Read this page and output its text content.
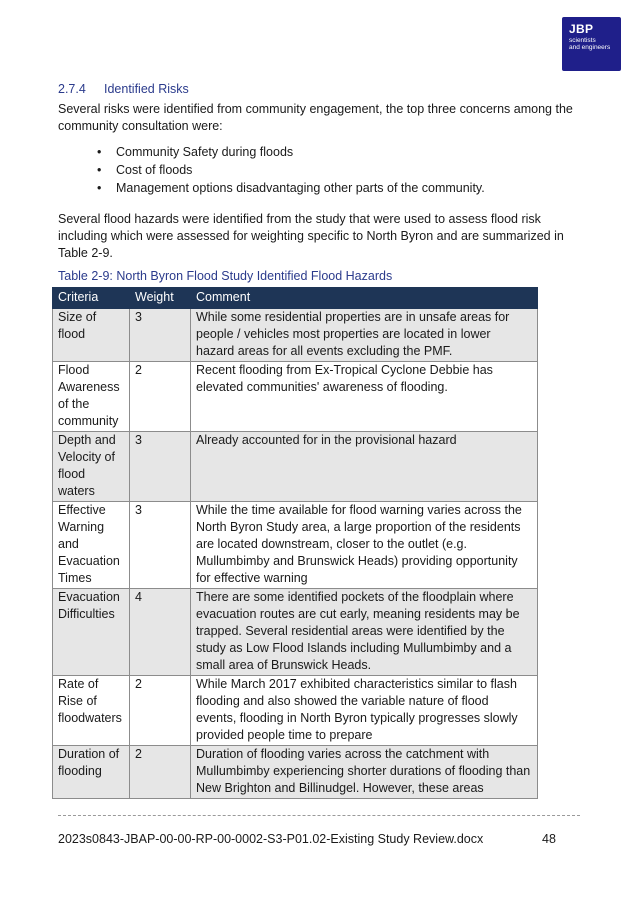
JBP
scientists
and engineers
2.7.4 Identified Risks
Several risks were identified from community engagement, the top three concerns among the community consultation were:
• Community Safety during floods
• Cost of floods
• Management options disadvantaging other parts of the community.
Several flood hazards were identified from the study that were used to assess flood risk including which were assessed for weighting specific to North Byron and are summarized in Table 2-9.
Table 2-9: North Byron Flood Study Identified Flood Hazards
Criteria	Weight	Comment
Size of flood	3	While some residential properties are in unsafe areas for people / vehicles most properties are located in lower hazard areas for all events excluding the PMF.
Flood Awareness of the community	2	Recent flooding from Ex-Tropical Cyclone Debbie has elevated communities' awareness of flooding.
Depth and Velocity of flood waters	3	Already accounted for in the provisional hazard
Effective Warning and Evacuation Times	3	While the time available for flood warning varies across the North Byron Study area, a large proportion of the residents are located downstream, closer to the outlet (e.g. Mullumbimby and Brunswick Heads) providing opportunity for effective warning
Evacuation Difficulties	4	There are some identified pockets of the floodplain where evacuation routes are cut early, meaning residents may be trapped. Several residential areas were identified by the study as Low Flood Islands including Mullumbimby and a small area of Brunswick Heads.
Rate of Rise of floodwaters	2	While March 2017 exhibited characteristics similar to flash flooding and also showed the variable nature of flood events, flooding in North Byron typically progresses slowly provided people time to prepare
Duration of flooding	2	Duration of flooding varies across the catchment with Mullumbimby experiencing shorter durations of flooding than New Brighton and Billinudgel. However, these areas
2023s0843-JBAP-00-00-RP-00-0002-S3-P01.02-Existing Study Review.docx	48
